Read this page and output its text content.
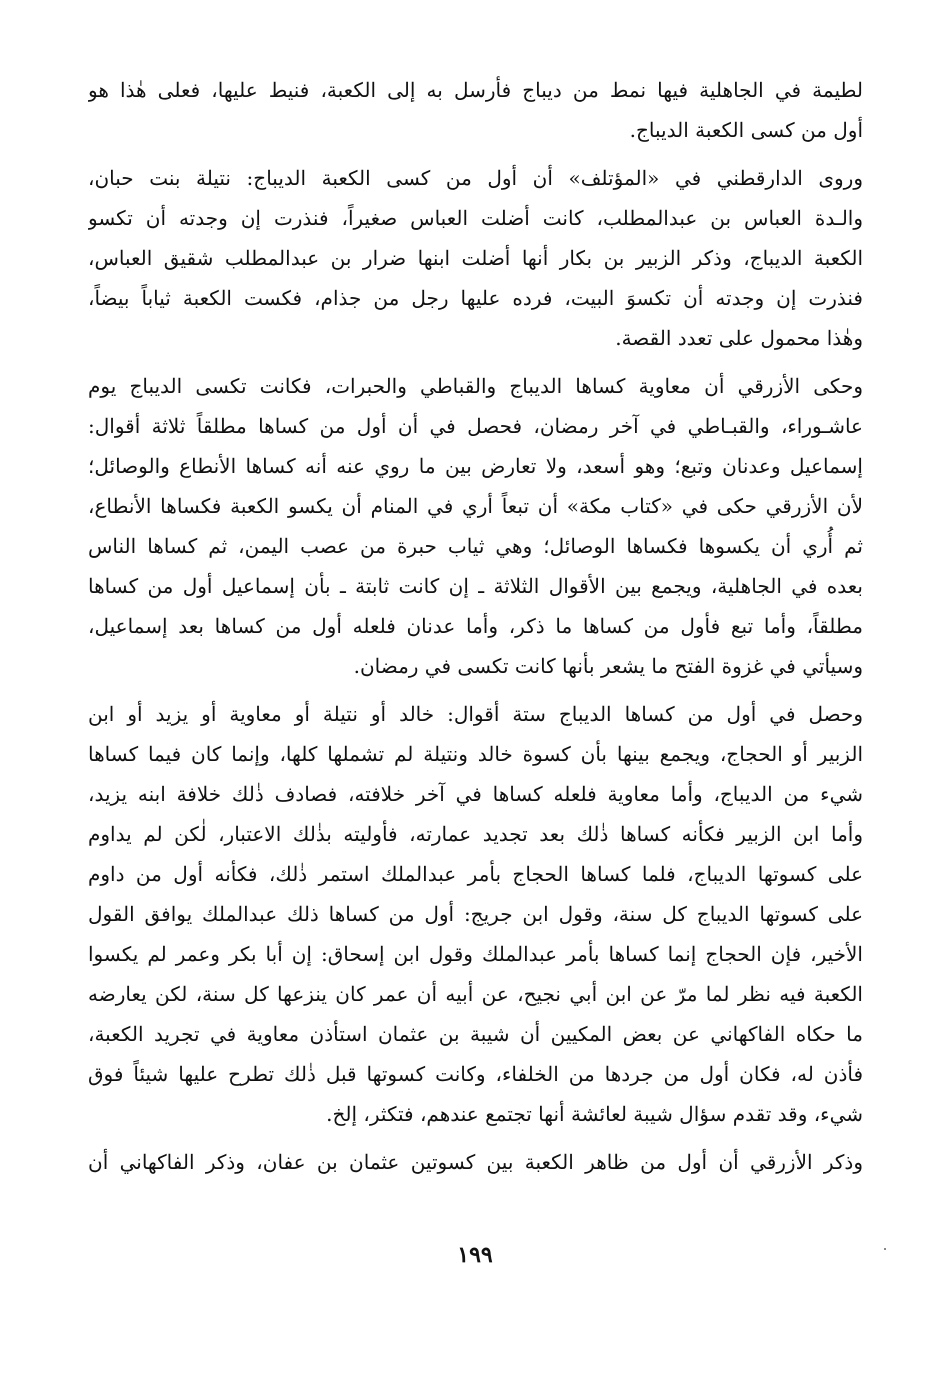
لطيمة في الجاهلية فيها نمط من ديباج فأرسل به إلى الكعبة، فنيط عليها، فعلى هٰذا هو
أول من كسى الكعبة الديباج.
وروى الدارقطني في «المؤتلف» أن أول من كسى الكعبة الديباج: نتيلة بنت حبان،
والـدة العباس بن عبدالمطلب، كانت أضلت العباس صغيراً، فنذرت إن وجدته أن تكسو
الكعبة الديباج، وذكر الزبير بن بكار أنها أضلت ابنها ضرار بن عبدالمطلب شقيق العباس،
فنذرت إن وجدته أن تكسوَ البيت، فرده عليها رجل من جذام، فكست الكعبة ثياباً بيضاً،
وهٰذا محمول على تعدد القصة.
وحكى الأزرقي أن معاوية كساها الديباج والقباطي والحبرات، فكانت تكسى الديباج يوم
عاشـوراء، والقبـاطي في آخر رمضان، فحصل في أن أول من كساها مطلقاً ثلاثة أقوال:
إسماعيل وعدنان وتبع؛ وهو أسعد، ولا تعارض بين ما روي عنه أنه كساها الأنطاع والوصائل؛
لأن الأزرقي حكى في «كتاب مكة» أن تبعاً أري في المنام أن يكسو الكعبة فكساها الأنطاع،
ثم أُري أن يكسوها فكساها الوصائل؛ وهي ثياب حبرة من عصب اليمن، ثم كساها الناس
بعده في الجاهلية، ويجمع بين الأقوال الثلاثة ـ إن كانت ثابتة ـ بأن إسماعيل أول من كساها
مطلقاً، وأما تبع فأول من كساها ما ذكر، وأما عدنان فلعله أول من كساها بعد إسماعيل،
وسيأتي في غزوة الفتح ما يشعر بأنها كانت تكسى في رمضان.
وحصل في أول من كساها الديباج ستة أقوال: خالد أو نتيلة أو معاوية أو يزيد أو ابن
الزبير أو الحجاج، ويجمع بينها بأن كسوة خالد ونتيلة لم تشملها كلها، وإنما كان فيما كساها
شيء من الديباج، وأما معاوية فلعله كساها في آخر خلافته، فصادف ذٰلك خلافة ابنه يزيد،
وأما ابن الزبير فكأنه كساها ذٰلك بعد تجديد عمارته، فأوليته بذٰلك الاعتبار، لٰكن لم يداوم
على كسوتها الديباج، فلما كساها الحجاج بأمر عبدالملك استمر ذٰلك، فكأنه أول من داوم
على كسوتها الديباج كل سنة، وقول ابن جريج: أول من كساها ذلك عبدالملك يوافق القول
الأخير، فإن الحجاج إنما كساها بأمر عبدالملك وقول ابن إسحاق: إن أبا بكر وعمر لم يكسوا
الكعبة فيه نظر لما مرّ عن ابن أبي نجيح، عن أبيه أن عمر كان ينزعها كل سنة، لكن يعارضه
ما حكاه الفاكهاني عن بعض المكيين أن شيبة بن عثمان استأذن معاوية في تجريد الكعبة،
فأذن له، فكان أول من جردها من الخلفاء، وكانت كسوتها قبل ذٰلك تطرح عليها شيئاً فوق
شيء، وقد تقدم سؤال شيبة لعائشة أنها تجتمع عندهم، فتكثر، إلخ.
وذكر الأزرقي أن أول من ظاهر الكعبة بين كسوتين عثمان بن عفان، وذكر الفاكهاني أن
١٩٩
